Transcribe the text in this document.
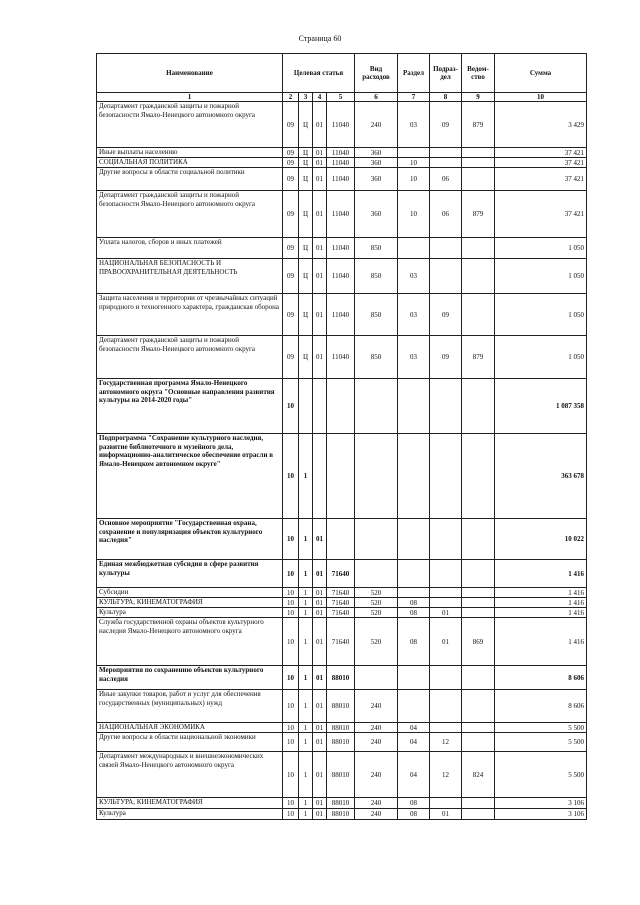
Страница 60
Наименование	Целевая статья				Вид расходов	Раздел	Подраз-дел	Ведом-ство	Сумма
1	2	3	4	5	6	7	8	9	10
Департамент гражданской защиты и пожарной безопасности Ямало-Ненецкого автономного округа	09	Ц	01	11040	240	03	09	879	3 429
Иные выплаты населению	09	Ц	01	11040	360				37 421
СОЦИАЛЬНАЯ ПОЛИТИКА	09	Ц	01	11040	360	10			37 421
Другие вопросы в области социальной политики	09	Ц	01	11040	360	10	06		37 421
Департамент гражданской защиты и пожарной безопасности Ямало-Ненецкого автономного округа	09	Ц	01	11040	360	10	06	879	37 421
Уплата налогов, сборов и иных платежей	09	Ц	01	11040	850				1 050
НАЦИОНАЛЬНАЯ БЕЗОПАСНОСТЬ И ПРАВООХРАНИТЕЛЬНАЯ ДЕЯТЕЛЬНОСТЬ	09	Ц	01	11040	850	03			1 050
Защита населения и территории от чрезвычайных ситуаций природного и техногенного характера, гражданская оборона	09	Ц	01	11040	850	03	09		1 050
Департамент гражданской защиты и пожарной безопасности Ямало-Ненецкого автономного округа	09	Ц	01	11040	850	03	09	879	1 050
Государственная программа Ямало-Ненецкого автономного округа "Основные направления развития культуры на 2014-2020 годы"	10								1 087 358
Подпрограмма "Сохранение культурного наследия, развитие библиотечного и музейного дела, информационно-аналитическое обеспечение отрасли в Ямало-Ненецком автономном округе"	10	1							363 678
Основное мероприятие "Государственная охрана, сохранение и популяризация объектов культурного наследия"	10	1	01						10 022
Единая межбюджетная субсидия в сфере развития культуры	10	1	01	71640					1 416
Субсидии	10	1	01	71640	520				1 416
КУЛЬТУРА, КИНЕМАТОГРАФИЯ	10	1	01	71640	520	08			1 416
Культура	10	1	01	71640	520	08	01		1 416
Служба государственной охраны объектов культурного наследия Ямало-Ненецкого автономного округа	10	1	01	71640	520	08	01	869	1 416
Мероприятия по сохранению объектов культурного наследия	10	1	01	88010					8 606
Иные закупки товаров, работ и услуг для обеспечения государственных (муниципальных) нужд	10	1	01	88010	240				8 606
НАЦИОНАЛЬНАЯ ЭКОНОМИКА	10	1	01	88010	240	04			5 500
Другие вопросы в области национальной экономики	10	1	01	88010	240	04	12		5 500
Департамент международных и внешнеэкономических связей Ямало-Ненецкого автономного округа	10	1	01	88010	240	04	12	824	5 500
КУЛЬТУРА, КИНЕМАТОГРАФИЯ	10	1	01	88010	240	08			3 106
Культура	10	1	01	88010	240	08	01		3 106
